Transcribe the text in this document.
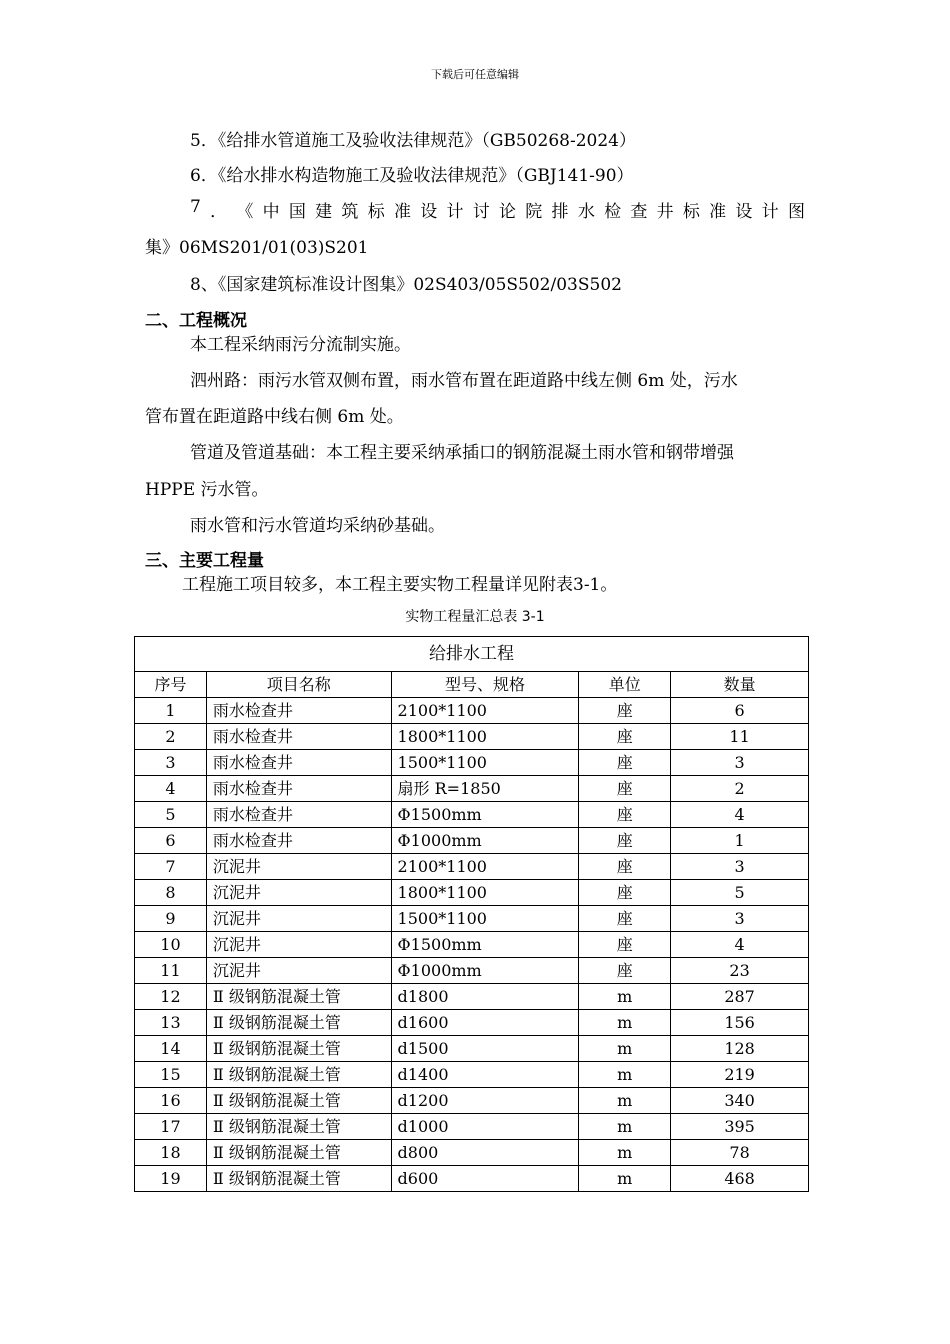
下载后可任意编辑
5．《给排水管道施工及验收法律规范》（GB50268-2024）
6．《给水排水构造物施工及验收法律规范》（GBJ141-90）
7 ． 《 中 国 建 筑 标 准 设 计 讨 论 院 排 水 检 查 井 标 准 设 计 图
集》06MS201/01(03)S201
8、《国家建筑标准设计图集》02S403/05S502/03S502
二、工程概况
本工程采纳雨污分流制实施。
泗州路：雨污水管双侧布置，雨水管布置在距道路中线左侧 6m 处，污水
管布置在距道路中线右侧 6m 处。
管道及管道基础：本工程主要采纳承插口的钢筋混凝土雨水管和钢带增强
HPPE 污水管。
雨水管和污水管道均采纳砂基础。
三、主要工程量
工程施工项目较多，本工程主要实物工程量详见附表3-1。
实物工程量汇总表 3-1
给排水工程				
序号	项目名称	型号、规格	单位	数量
1	雨水检查井	2100*1100	座	6
2	雨水检查井	1800*1100	座	11
3	雨水检查井	1500*1100	座	3
4	雨水检查井	扇形 R=1850	座	2
5	雨水检查井	Φ1500mm	座	4
6	雨水检查井	Φ1000mm	座	1
7	沉泥井	2100*1100	座	3
8	沉泥井	1800*1100	座	5
9	沉泥井	1500*1100	座	3
10	沉泥井	Φ1500mm	座	4
11	沉泥井	Φ1000mm	座	23
12	Ⅱ 级钢筋混凝土管	d1800	m	287
13	Ⅱ 级钢筋混凝土管	d1600	m	156
14	Ⅱ 级钢筋混凝土管	d1500	m	128
15	Ⅱ 级钢筋混凝土管	d1400	m	219
16	Ⅱ 级钢筋混凝土管	d1200	m	340
17	Ⅱ 级钢筋混凝土管	d1000	m	395
18	Ⅱ 级钢筋混凝土管	d800	m	78
19	Ⅱ 级钢筋混凝土管	d600	m	468
